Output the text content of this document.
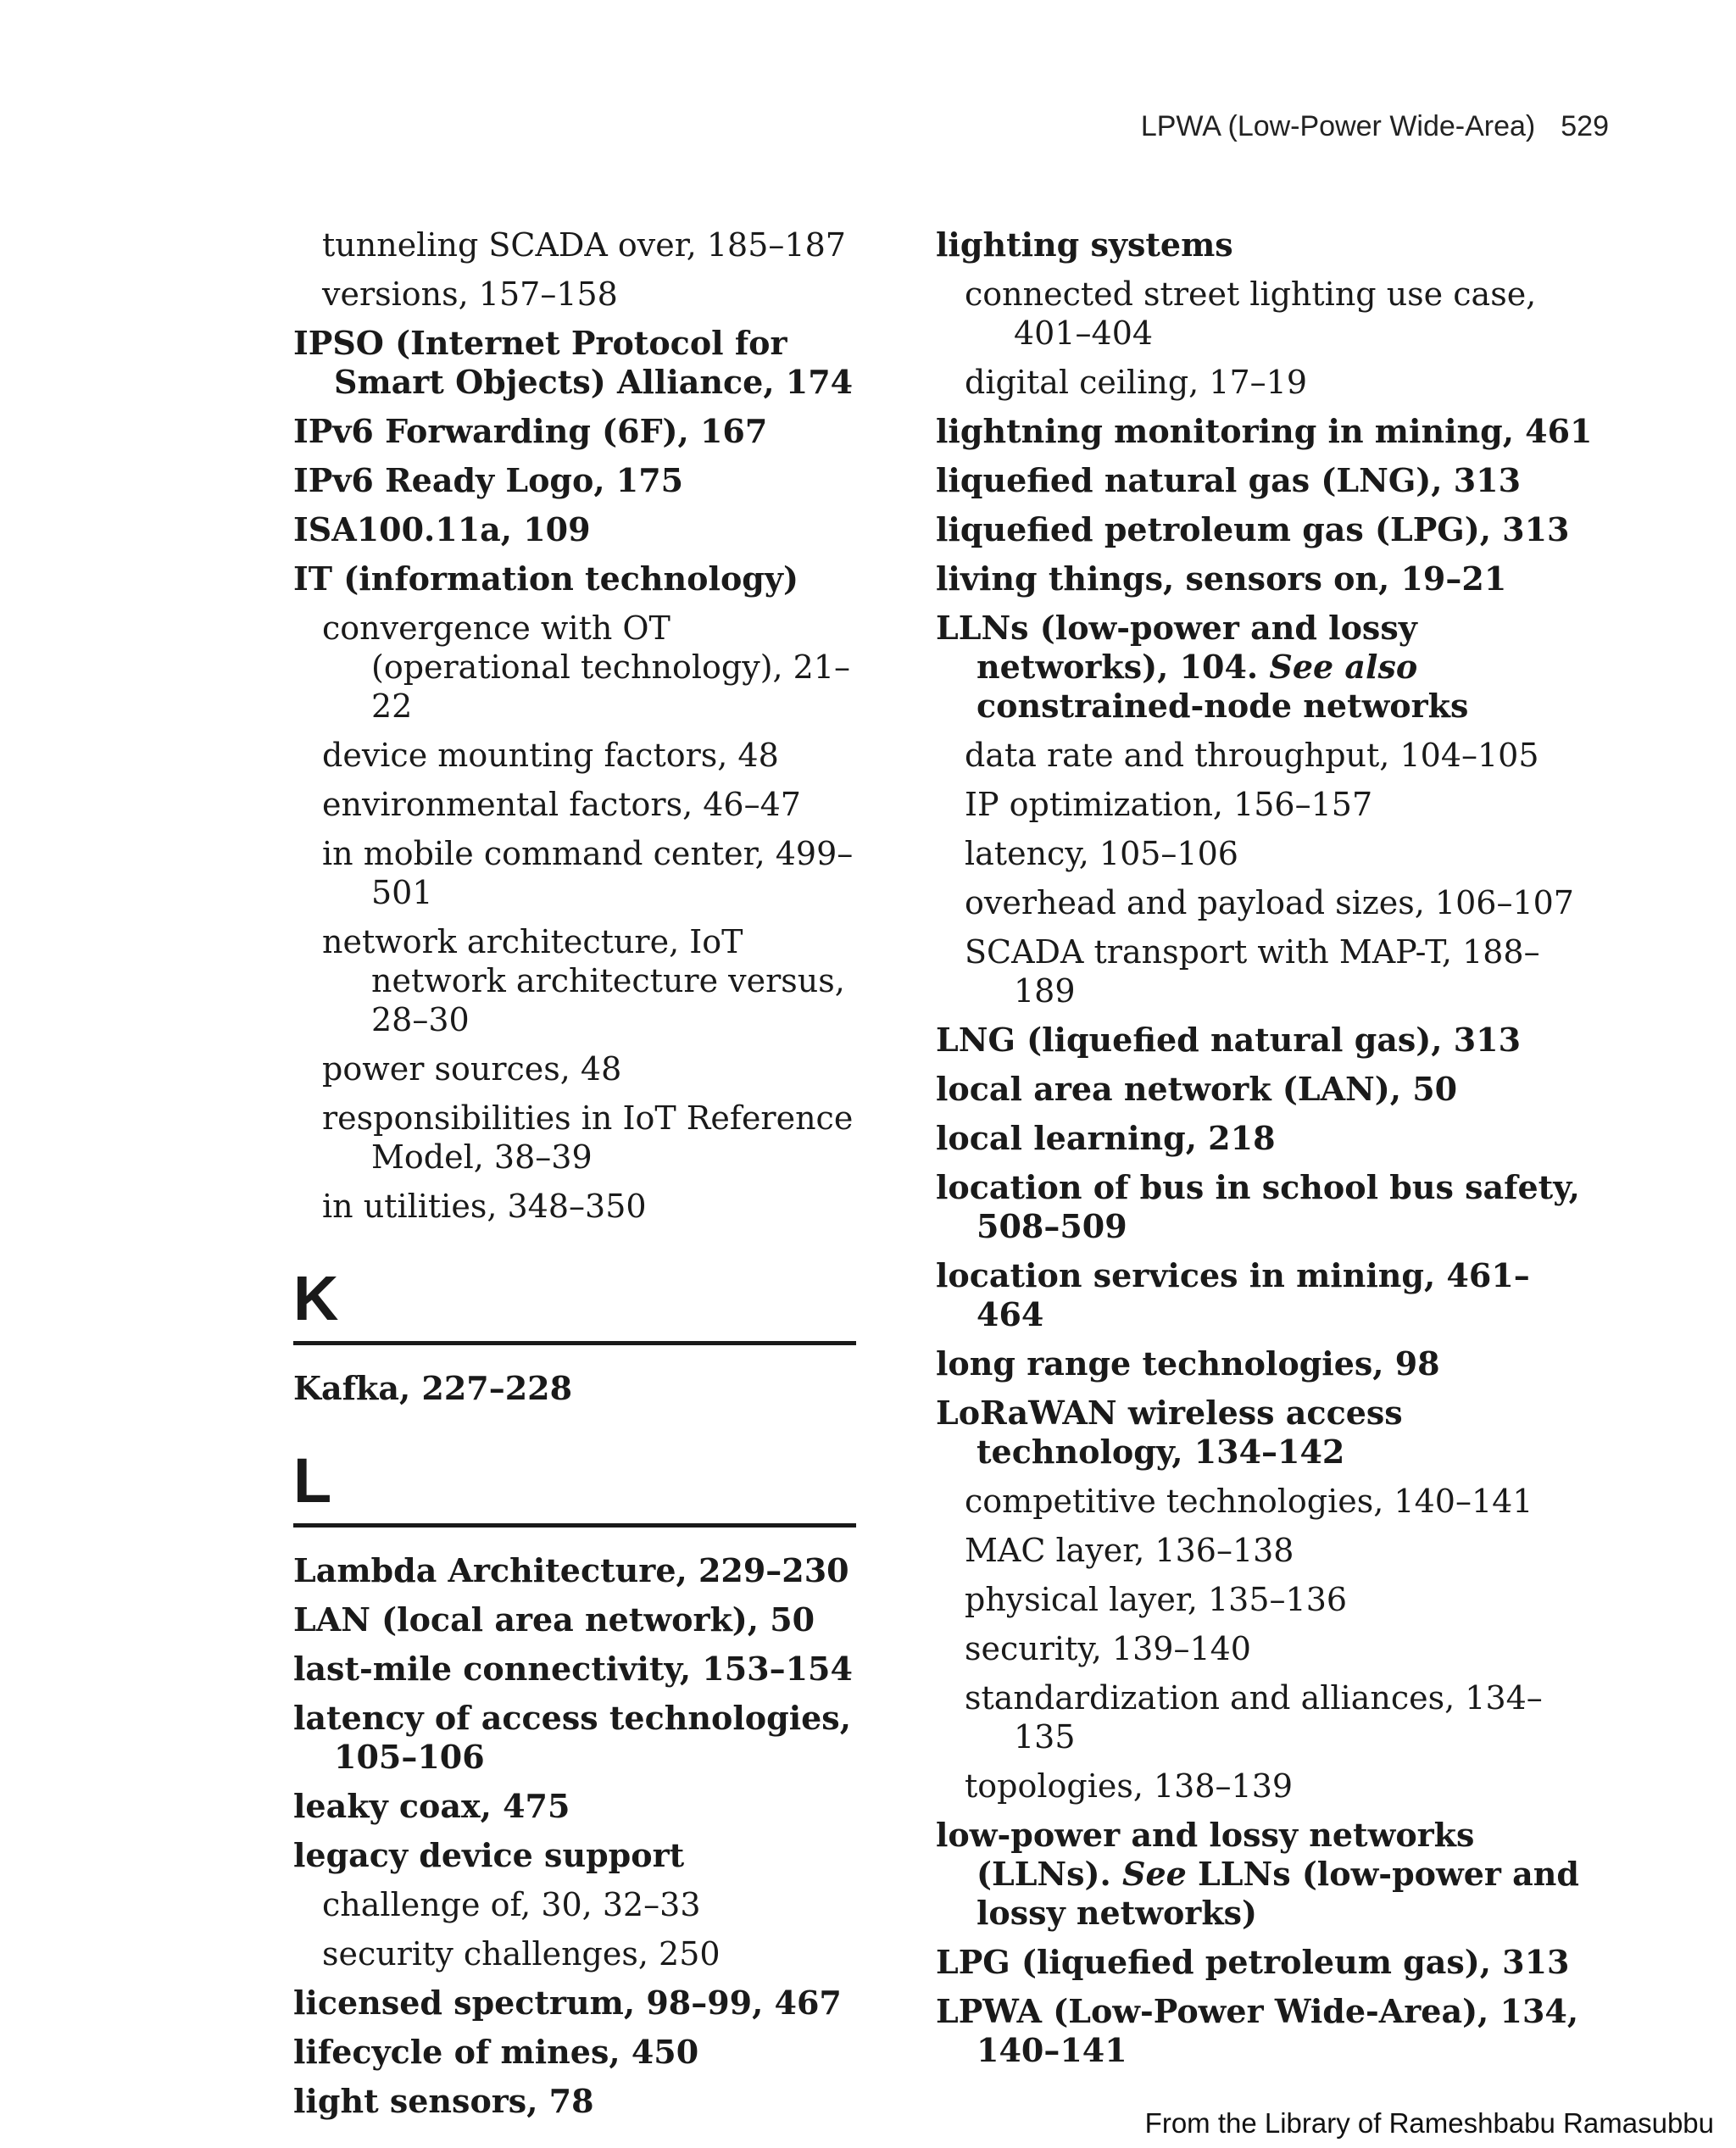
LPWA (Low-Power Wide-Area) 529
tunneling SCADA over, 185–187
versions, 157–158
IPSO (Internet Protocol for Smart Objects) Alliance, 174
IPv6 Forwarding (6F), 167
IPv6 Ready Logo, 175
ISA100.11a, 109
IT (information technology)
convergence with OT (operational technology), 21–22
device mounting factors, 48
environmental factors, 46–47
in mobile command center, 499–501
network architecture, IoT network architecture versus, 28–30
power sources, 48
responsibilities in IoT Reference Model, 38–39
in utilities, 348–350
K
Kafka, 227–228
L
Lambda Architecture, 229–230
LAN (local area network), 50
last-mile connectivity, 153–154
latency of access technologies, 105–106
leaky coax, 475
legacy device support
challenge of, 30, 32–33
security challenges, 250
licensed spectrum, 98–99, 467
lifecycle of mines, 450
light sensors, 78
lighting systems
connected street lighting use case, 401–404
digital ceiling, 17–19
lightning monitoring in mining, 461
liquefied natural gas (LNG), 313
liquefied petroleum gas (LPG), 313
living things, sensors on, 19–21
LLNs (low-power and lossy networks), 104. See also constrained-node networks
data rate and throughput, 104–105
IP optimization, 156–157
latency, 105–106
overhead and payload sizes, 106–107
SCADA transport with MAP-T, 188–189
LNG (liquefied natural gas), 313
local area network (LAN), 50
local learning, 218
location of bus in school bus safety, 508–509
location services in mining, 461–464
long range technologies, 98
LoRaWAN wireless access technology, 134–142
competitive technologies, 140–141
MAC layer, 136–138
physical layer, 135–136
security, 139–140
standardization and alliances, 134–135
topologies, 138–139
low-power and lossy networks (LLNs). See LLNs (low-power and lossy networks)
LPG (liquefied petroleum gas), 313
LPWA (Low-Power Wide-Area), 134, 140–141
From the Library of Rameshbabu Ramasubbu
